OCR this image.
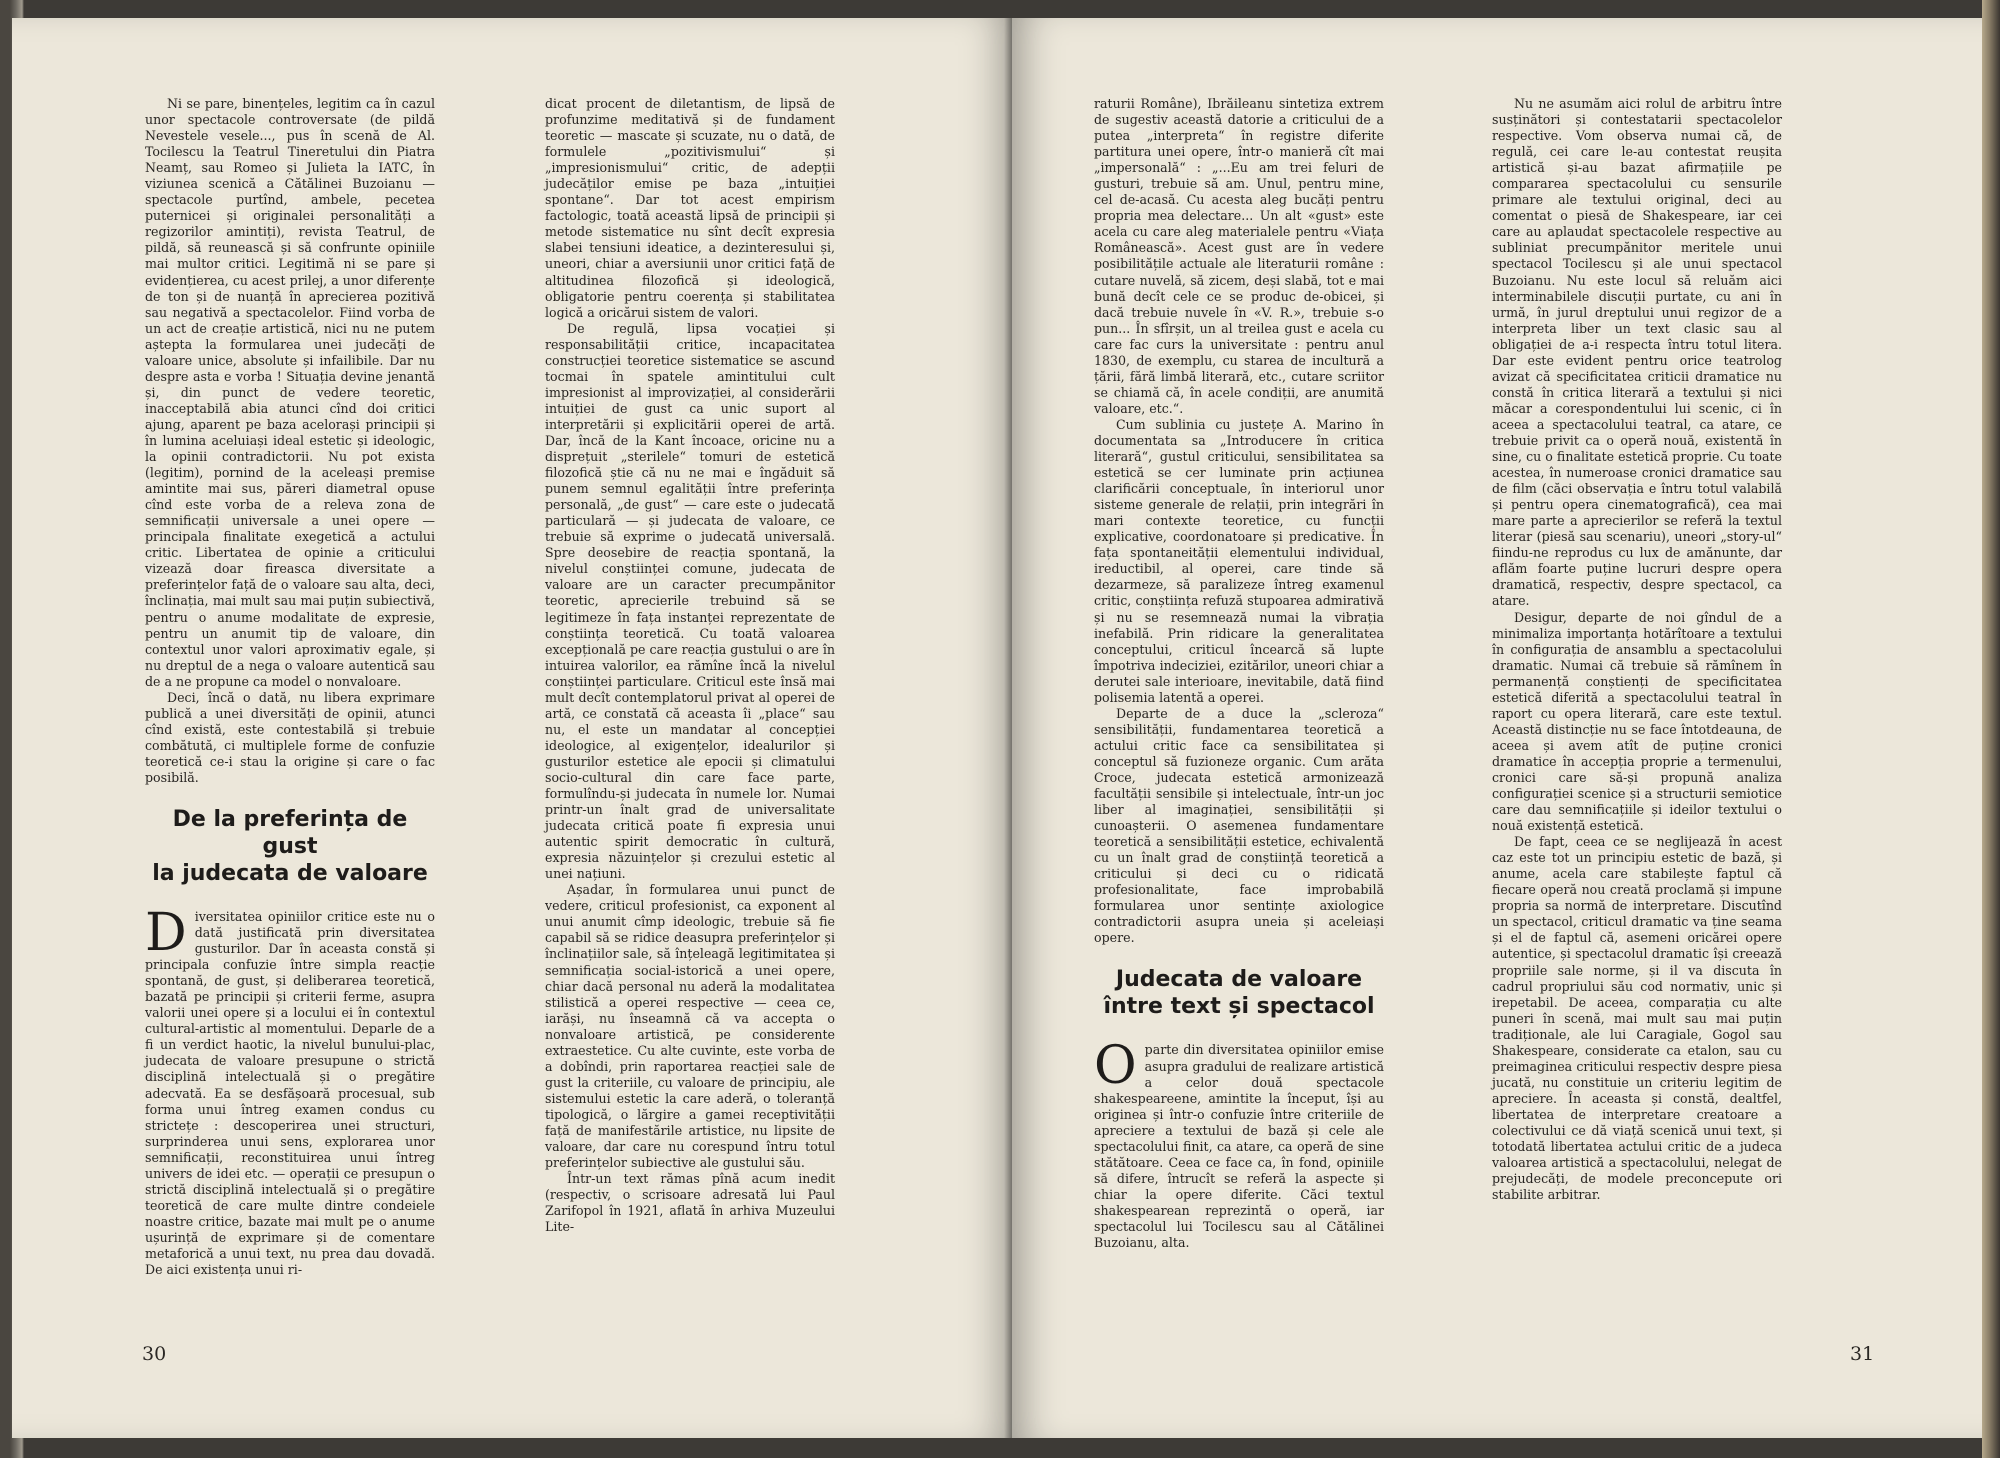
Ni se pare, binențeles, legitim ca în cazul unor spectacole controversate (de pildă Nevestele vesele..., pus în scenă de Al. Tocilescu la Teatrul Tineretului din Piatra Neamț, sau Romeo și Julieta la IATC, în viziunea scenică a Cătălinei Buzoianu — spectacole purtînd, ambele, pecetea puternicei și originalei personalități a regizorilor amintiți), revista Teatrul, de pildă, să reunească și să confrunte opiniile mai multor critici. Legitimă ni se pare și evidențierea, cu acest prilej, a unor diferențe de ton și de nuanță în aprecierea pozitivă sau negativă a spectacolelor. Fiind vorba de un act de creație artistică, nici nu ne putem aștepta la formularea unei judecăți de valoare unice, absolute și infailibile. Dar nu despre asta e vorba ! Situația devine jenantă și, din punct de vedere teoretic, inacceptabilă abia atunci cînd doi critici ajung, aparent pe baza acelorași principii și în lumina aceluiași ideal estetic și ideologic, la opinii contradictorii. Nu pot exista (legitim), pornind de la aceleași premise amintite mai sus, păreri diametral opuse cînd este vorba de a releva zona de semnificații universale a unei opere — principala finalitate exegetică a actului critic. Libertatea de opinie a criticului vizează doar fireasca diversitate a preferințelor față de o valoare sau alta, deci, înclinația, mai mult sau mai puțin subiectivă, pentru o anume modalitate de expresie, pentru un anumit tip de valoare, din contextul unor valori aproximativ egale, și nu dreptul de a nega o valoare autentică sau de a ne propune ca model o nonvaloare.

Deci, încă o dată, nu libera exprimare publică a unei diversități de opinii, atunci cînd există, este contestabilă și trebuie combătută, ci multiplele forme de confuzie teoretică ce-i stau la origine și care o fac posibilă.

De la preferința de gust
la judecata de valoare

Diversitatea opiniilor critice este nu o dată justificată prin diversitatea gusturilor. Dar în aceasta constă și principala confuzie între simpla reacție spontană, de gust, și deliberarea teoretică, bazată pe principii și criterii ferme, asupra valorii unei opere și a locului ei în contextul cultural-artistic al momentului. Deparle de a fi un verdict haotic, la nivelul bunului-plac, judecata de valoare presupune o strictă disciplină intelectuală și o pregătire adecvată. Ea se desfășoară procesual, sub forma unui întreg examen condus cu strictețe : descoperirea unei structuri, surprinderea unui sens, explorarea unor semnificații, reconstituirea unui întreg univers de idei etc. — operații ce presupun o strictă disciplină intelectuală și o pregătire teoretică de care multe dintre condeiele noastre critice, bazate mai mult pe o anume ușurință de exprimare și de comentare metaforică a unui text, nu prea dau dovadă. De aici existența unui ri-

dicat procent de diletantism, de lipsă de profunzime meditativă și de fundament teoretic — mascate și scuzate, nu o dată, de formulele „pozitivismului“ și „impresionismului“ critic, de adepții judecăților emise pe baza „intuiției spontane“. Dar tot acest empirism factologic, toată această lipsă de principii și metode sistematice nu sînt decît expresia slabei tensiuni ideatice, a dezinteresului și, uneori, chiar a aversiunii unor critici față de altitudinea filozofică și ideologică, obligatorie pentru coerența și stabilitatea logică a oricărui sistem de valori.

De regulă, lipsa vocației și responsabilității critice, incapacitatea construcției teoretice sistematice se ascund tocmai în spatele amintitului cult impresionist al improvizației, al considerării intuiției de gust ca unic suport al interpretării și explicitării operei de artă. Dar, încă de la Kant încoace, oricine nu a disprețuit „sterilele“ tomuri de estetică filozofică știe că nu ne mai e îngăduit să punem semnul egalității între preferința personală, „de gust“ — care este o judecată particulară — și judecata de valoare, ce trebuie să exprime o judecată universală. Spre deosebire de reacția spontană, la nivelul conștiinței comune, judecata de valoare are un caracter precumpănitor teoretic, aprecierile trebuind să se legitimeze în fața instanței reprezentate de conștiința teoretică. Cu toată valoarea excepțională pe care reacția gustului o are în intuirea valorilor, ea rămîne încă la nivelul conștiinței particulare. Criticul este însă mai mult decît contemplatorul privat al operei de artă, ce constată că aceasta îi „place“ sau nu, el este un mandatar al concepției ideologice, al exigențelor, idealurilor și gusturilor estetice ale epocii și climatului socio-cultural din care face parte, formulîndu-și judecata în numele lor. Numai printr-un înalt grad de universalitate judecata critică poate fi expresia unui autentic spirit democratic în cultură, expresia năzuințelor și crezului estetic al unei națiuni.

Așadar, în formularea unui punct de vedere, criticul profesionist, ca exponent al unui anumit cîmp ideologic, trebuie să fie capabil să se ridice deasupra preferințelor și înclinațiilor sale, să înțeleagă legitimitatea și semnificația social-istorică a unei opere, chiar dacă personal nu aderă la modalitatea stilistică a operei respective — ceea ce, iarăși, nu înseamnă că va accepta o nonvaloare artistică, pe considerente extraestetice. Cu alte cuvinte, este vorba de a dobîndi, prin raportarea reacției sale de gust la criteriile, cu valoare de principiu, ale sistemului estetic la care aderă, o toleranță tipologică, o lărgire a gamei receptivității față de manifestările artistice, nu lipsite de valoare, dar care nu corespund întru totul preferințelor subiective ale gustului său.

Într-un text rămas pînă acum inedit (respectiv, o scrisoare adresată lui Paul Zarifopol în 1921, aflată în arhiva Muzeului Lite-

30

raturii Române), Ibrăileanu sintetiza extrem de sugestiv această datorie a criticului de a putea „interpreta“ în registre diferite partitura unei opere, într-o manieră cît mai „impersonală“ : „...Eu am trei feluri de gusturi, trebuie să am. Unul, pentru mine, cel de-acasă. Cu acesta aleg bucăți pentru propria mea delectare... Un alt «gust» este acela cu care aleg materialele pentru «Viața Românească». Acest gust are în vedere posibilitățile actuale ale literaturii române : cutare nuvelă, să zicem, deși slabă, tot e mai bună decît cele ce se produc de-obicei, și dacă trebuie nuvele în «V. R.», trebuie s-o pun... În sfîrșit, un al treilea gust e acela cu care fac curs la universitate : pentru anul 1830, de exemplu, cu starea de incultură a țării, fără limbă literară, etc., cutare scriitor se chiamă că, în acele condiții, are anumită valoare, etc.“.

Cum sublinia cu justețe A. Marino în documentata sa „Introducere în critica literară“, gustul criticului, sensibilitatea sa estetică se cer luminate prin acțiunea clarificării conceptuale, în interiorul unor sisteme generale de relații, prin integrări în mari contexte teoretice, cu funcții explicative, coordonatoare și predicative. În fața spontaneității elementului individual, ireductibil, al operei, care tinde să dezarmeze, să paralizeze întreg examenul critic, conștiința refuză stupoarea admirativă și nu se resemnează numai la vibrația inefabilă. Prin ridicare la generalitatea conceptului, criticul încearcă să lupte împotriva indeciziei, ezitărilor, uneori chiar a derutei sale interioare, inevitabile, dată fiind polisemia latentă a operei.

Departe de a duce la „scleroza“ sensibilității, fundamentarea teoretică a actului critic face ca sensibilitatea și conceptul să fuzioneze organic. Cum arăta Croce, judecata estetică armonizează facultății sensibile și intelectuale, într-un joc liber al imaginației, sensibilității și cunoașterii. O asemenea fundamentare teoretică a sensibilității estetice, echivalentă cu un înalt grad de conștiință teoretică a criticului și deci cu o ridicată profesionalitate, face improbabilă formularea unor sentințe axiologice contradictorii asupra uneia și aceleiași opere.

Judecata de valoare
între text și spectacol

Oparte din diversitatea opiniilor emise asupra gradului de realizare artistică a celor două spectacole shakespeareene, amintite la început, își au originea și într-o confuzie între criteriile de apreciere a textului de bază și cele ale spectacolului finit, ca atare, ca operă de sine stătătoare. Ceea ce face ca, în fond, opiniile să difere, întrucît se referă la aspecte și chiar la opere diferite. Căci textul shakespearean reprezintă o operă, iar spectacolul lui Tocilescu sau al Cătălinei Buzoianu, alta.

Nu ne asumăm aici rolul de arbitru între susținători și contestatarii spectacolelor respective. Vom observa numai că, de regulă, cei care le-au contestat reușita artistică și-au bazat afirmațiile pe compararea spectacolului cu sensurile primare ale textului original, deci au comentat o piesă de Shakespeare, iar cei care au aplaudat spectacolele respective au subliniat precumpănitor meritele unui spectacol Tocilescu și ale unui spectacol Buzoianu. Nu este locul să reluăm aici interminabilele discuții purtate, cu ani în urmă, în jurul dreptului unui regizor de a interpreta liber un text clasic sau al obligației de a-i respecta întru totul litera. Dar este evident pentru orice teatrolog avizat că specificitatea criticii dramatice nu constă în critica literară a textului și nici măcar a corespondentului lui scenic, ci în aceea a spectacolului teatral, ca atare, ce trebuie privit ca o operă nouă, existentă în sine, cu o finalitate estetică proprie. Cu toate acestea, în numeroase cronici dramatice sau de film (căci observația e întru totul valabilă și pentru opera cinematografică), cea mai mare parte a aprecierilor se referă la textul literar (piesă sau scenariu), uneori „story-ul“ fiindu-ne reprodus cu lux de amănunte, dar aflăm foarte puține lucruri despre opera dramatică, respectiv, despre spectacol, ca atare.

Desigur, departe de noi gîndul de a minimaliza importanța hotărîtoare a textului în configurația de ansamblu a spectacolului dramatic. Numai că trebuie să rămînem în permanență conștienți de specificitatea estetică diferită a spectacolului teatral în raport cu opera literară, care este textul. Această distincție nu se face întotdeauna, de aceea și avem atît de puține cronici dramatice în accepția proprie a termenului, cronici care să-și propună analiza configurației scenice și a structurii semiotice care dau semnificațiile și ideilor textului o nouă existență estetică.

De fapt, ceea ce se neglijează în acest caz este tot un principiu estetic de bază, și anume, acela care stabilește faptul că fiecare operă nou creată proclamă și impune propria sa normă de interpretare. Discutînd un spectacol, criticul dramatic va ține seama și el de faptul că, asemeni oricărei opere autentice, și spectacolul dramatic își creează propriile sale norme, și il va discuta în cadrul propriului său cod normativ, unic și irepetabil. De aceea, comparația cu alte puneri în scenă, mai mult sau mai puțin tradiționale, ale lui Caragiale, Gogol sau Shakespeare, considerate ca etalon, sau cu preimaginea criticului respectiv despre piesa jucată, nu constituie un criteriu legitim de apreciere. În aceasta și constă, dealtfel, libertatea de interpretare creatoare a colectivului ce dă viață scenică unui text, și totodată libertatea actului critic de a judeca valoarea artistică a spectacolului, nelegat de prejudecăți, de modele preconcepute ori stabilite arbitrar.

31
